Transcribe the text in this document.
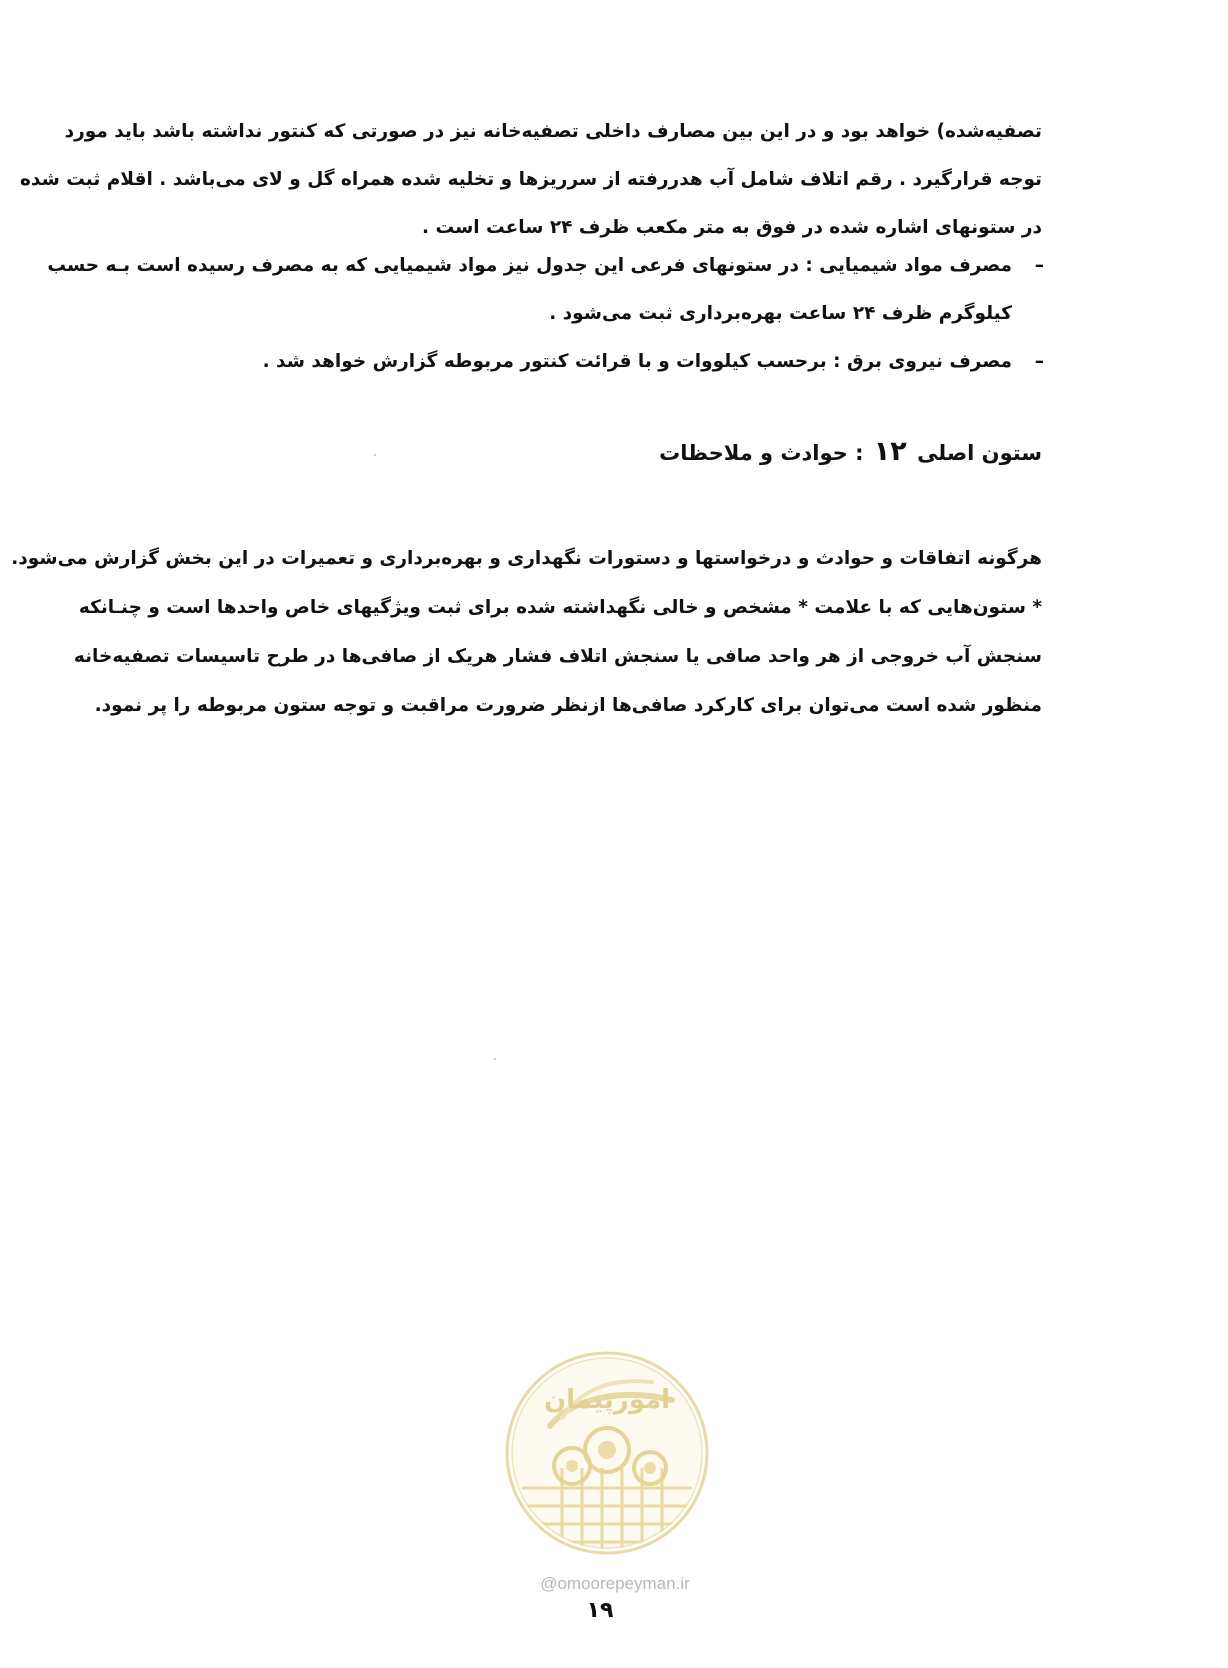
تصفیه‌شده) خواهد بود و در این بین مصارف داخلی تصفیه‌خانه نیز در صورتی که کنتور نداشته باشد باید مورد
توجه قرارگیرد . رقم اتلاف شامل آب هدررفته از سرریزها و تخلیه شده همراه گل و لای می‌باشد . اقلام ثبت شده
در ستونهای اشاره شده در فوق به متر مکعب ظرف ۲۴ ساعت است .
–
مصرف مواد شیمیایی : در ستونهای فرعی این جدول نیز مواد شیمیایی که به مصرف رسیده است بـه حسب
کیلوگرم ظرف ۲۴ ساعت بهره‌برداری ثبت می‌شود .
–
مصرف نیروی برق : برحسب کیلووات و با قرائت کنتور مربوطه گزارش خواهد شد .
ستون اصلی ۱۲ : حوادث و ملاحظات
هرگونه اتفاقات و حوادث و درخواستها و دستورات نگهداری و بهره‌برداری و تعمیرات در این بخش گزارش می‌شود.
* ستون‌هایی که با علامت * مشخص و خالی نگهداشته شده برای ثبت ویژگیهای خاص واحدها است و چنـانکه
سنجش آب خروجی از هر واحد صافی یا سنجش اتلاف فشار هریک از صافی‌ها در طرح تاسیسات تصفیه‌خانه
منظور شده است می‌توان برای کارکرد صافی‌ها ازنظر ضرورت مراقبت و توجه ستون مربوطه را پر نمود.
امورپیمان
@omoorepeyman.ir
۱۹
